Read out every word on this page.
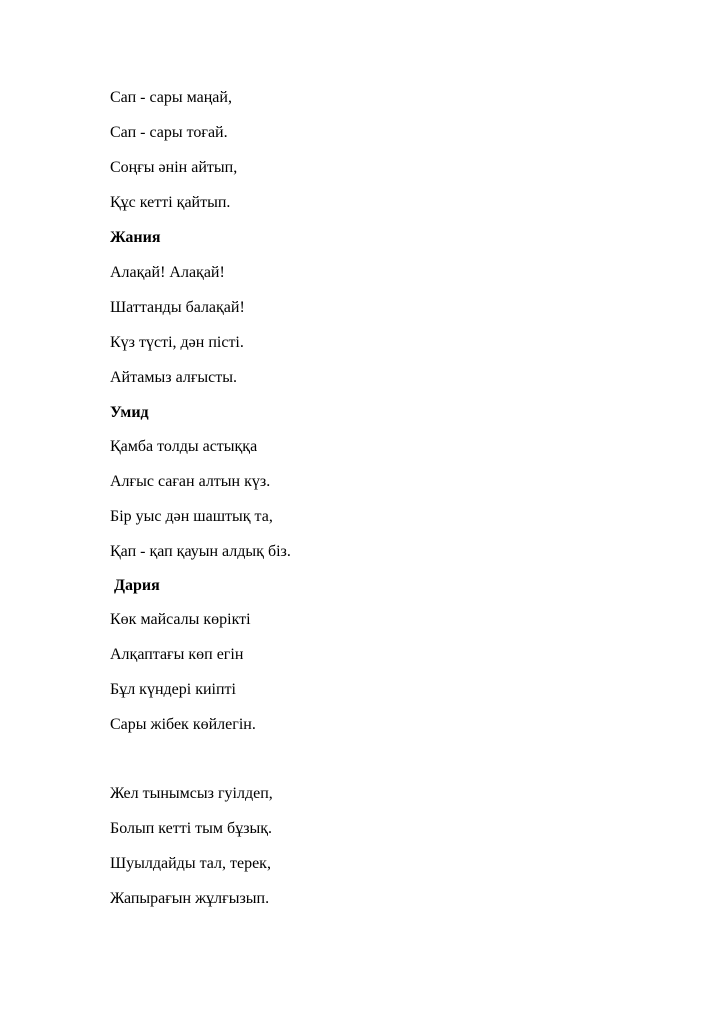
Сап - сары маңай,

Сап - сары тоғай.

Соңғы әнін айтып,

Құс кетті қайтып.

Жания

Алақай! Алақай!

Шаттанды балақай!

Күз түсті, дән пісті.

Айтамыз алғысты.

Умид

Қамба толды астыққа

Алғыс саған алтын күз.

Бір уыс дән шаштық та,

Қап - қап қауын алдық біз.

Дария

Көк майсалы көрікті

Алқаптағы көп егін

Бұл күндері киіпті

Сары жібек көйлегін.

Жел тынымсыз гуілдеп,

Болып кетті тым бұзық.

Шуылдайды тал, терек,

Жапырағын жұлғызып.
